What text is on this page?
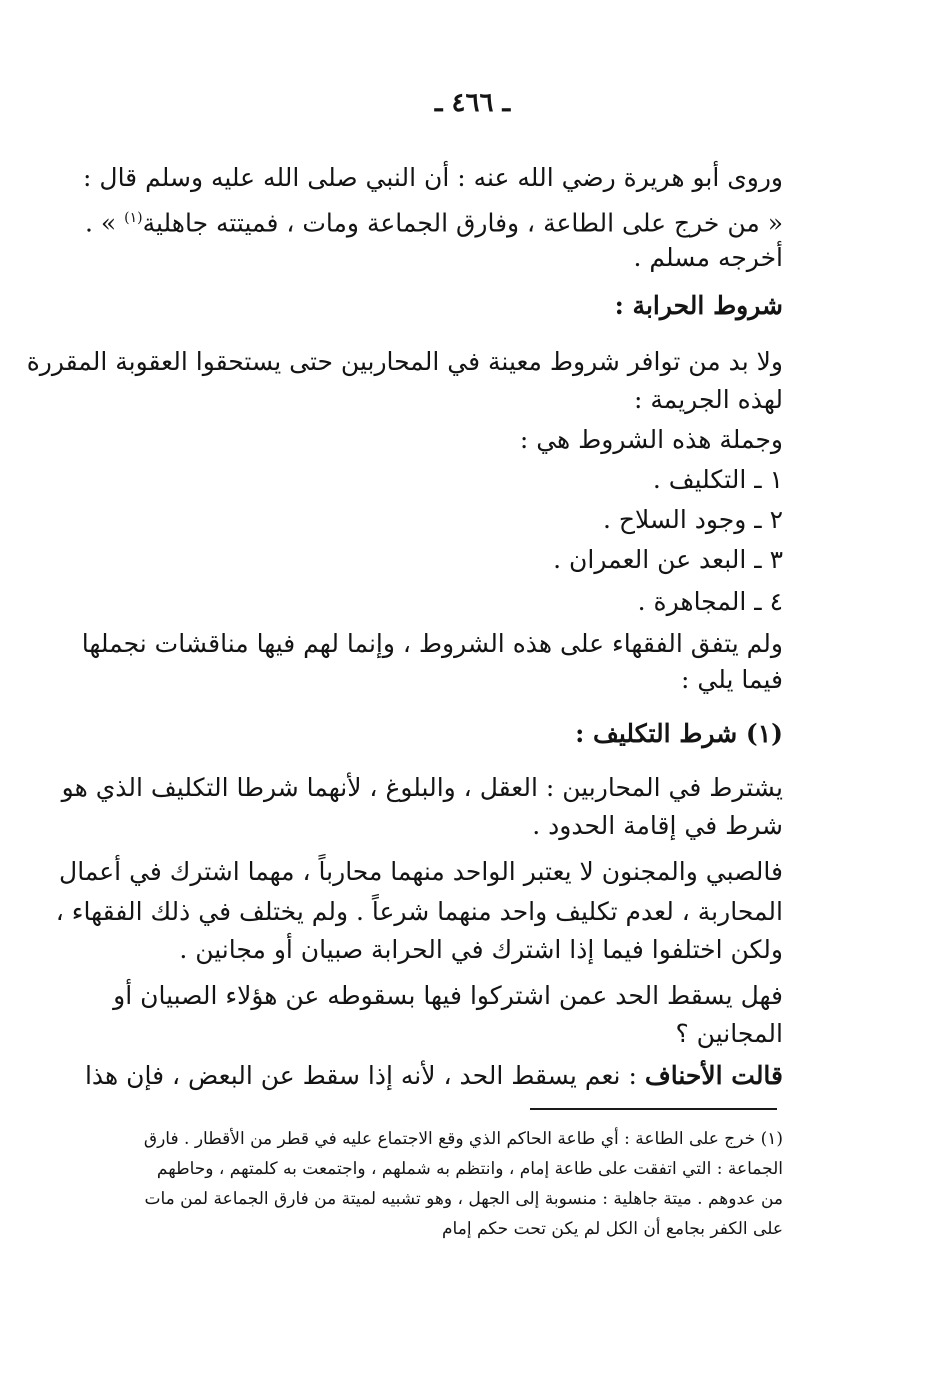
ـ ٤٦٦ ـ
وروى أبو هريرة رضي الله عنه : أن النبي صلى الله عليه وسلم قال :
« من خرج على الطاعة ، وفارق الجماعة ومات ، فميتته جاهلية$^{(١)}$ » .
أخرجه مسلم .
شروط الحرابة :
ولا بد من توافر شروط معينة في المحاربين حتى يستحقوا العقوبة المقررة
لهذه الجريمة :
وجملة هذه الشروط هي :
١ ـ التكليف .
٢ ـ وجود السلاح .
٣ ـ البعد عن العمران .
٤ ـ المجاهرة .
ولم يتفق الفقهاء على هذه الشروط ، وإنما لهم فيها مناقشات نجملها
فيما يلي :
(١) شرط التكليف :
يشترط في المحاربين : العقل ، والبلوغ ، لأنهما شرطا التكليف الذي هو
شرط في إقامة الحدود .
فالصبي والمجنون لا يعتبر الواحد منهما محارباً ، مهما اشترك في أعمال
المحاربة ، لعدم تكليف واحد منهما شرعاً . ولم يختلف في ذلك الفقهاء ،
ولكن اختلفوا فيما إذا اشترك في الحرابة صبيان أو مجانين .
فهل يسقط الحد عمن اشتركوا فيها بسقوطه عن هؤلاء الصبيان أو
المجانين ؟
قالت الأحناف : نعم يسقط الحد ، لأنه إذا سقط عن البعض ، فإن هذا
(١) خرج على الطاعة : أي طاعة الحاكم الذي وقع الاجتماع عليه في قطر من الأقطار . فارق
الجماعة : التي اتفقت على طاعة إمام ، وانتظم به شملهم ، واجتمعت به كلمتهم ، وحاطهم
من عدوهم . ميتة جاهلية : منسوبة إلى الجهل ، وهو تشبيه لميتة من فارق الجماعة لمن مات
على الكفر بجامع أن الكل لم يكن تحت حكم إمام
